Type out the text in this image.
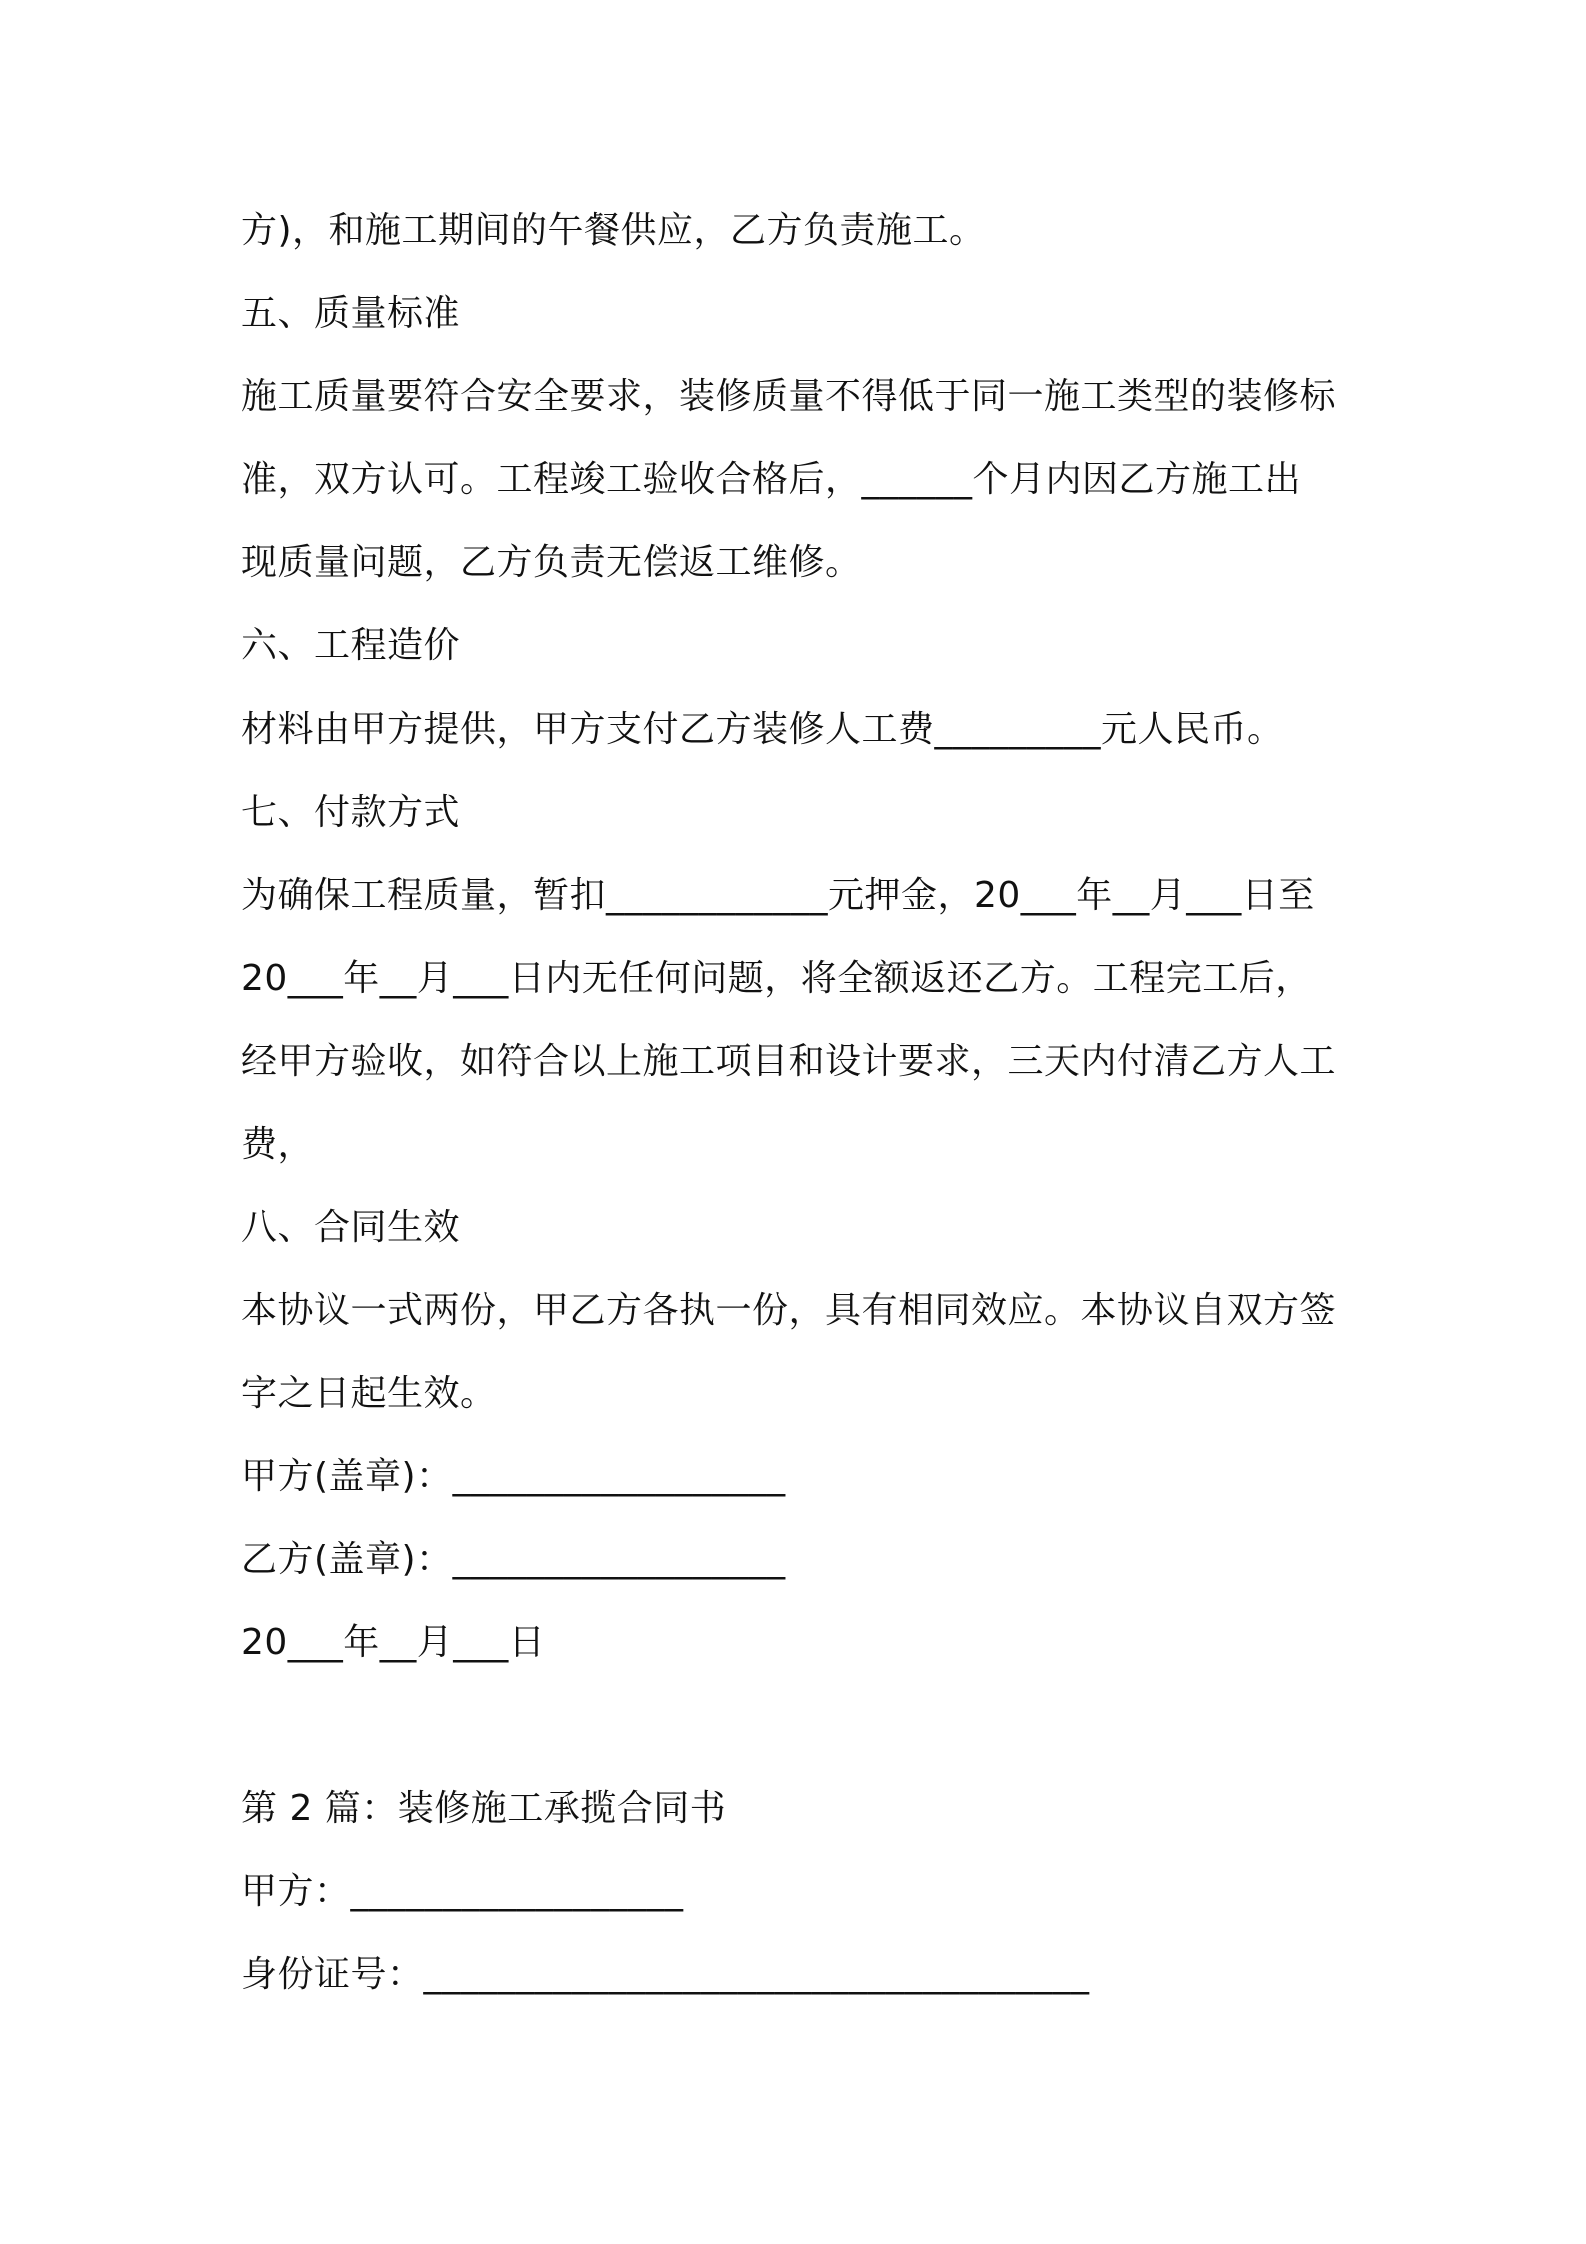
方)，和施工期间的午餐供应，乙方负责施工。
五、质量标准
施工质量要符合安全要求，装修质量不得低于同一施工类型的装修标
准，双方认可。工程竣工验收合格后，______个月内因乙方施工出
现质量问题，乙方负责无偿返工维修。
六、工程造价
材料由甲方提供，甲方支付乙方装修人工费_________元人民币。
七、付款方式
为确保工程质量，暂扣____________元押金，20___年__月___日至
20___年__月___日内无任何问题，将全额返还乙方。工程完工后，
经甲方验收，如符合以上施工项目和设计要求，三天内付清乙方人工
费，
八、合同生效
本协议一式两份，甲乙方各执一份，具有相同效应。本协议自双方签
字之日起生效。
甲方(盖章)：__________________
乙方(盖章)：__________________
20___年__月___日
第 2 篇：装修施工承揽合同书
甲方：__________________
身份证号：____________________________________
